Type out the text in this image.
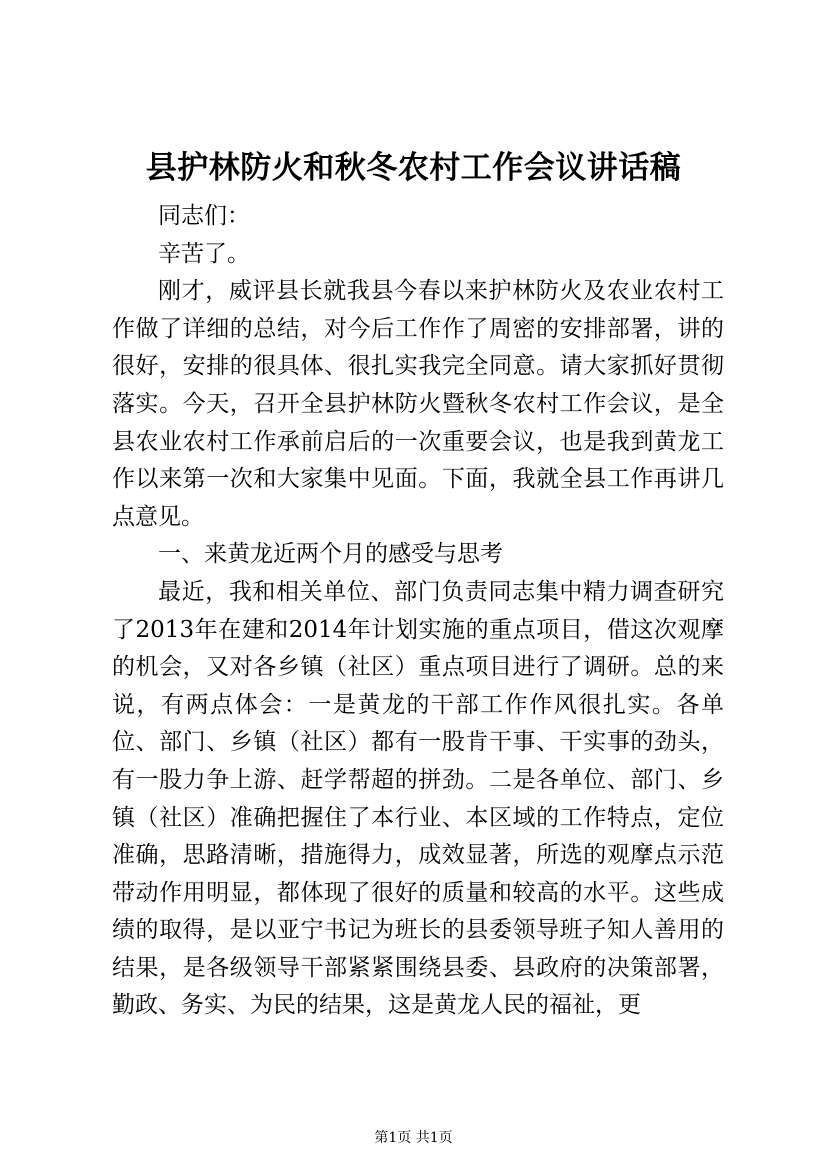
县护林防火和秋冬农村工作会议讲话稿

同志们：

辛苦了。

刚才，威评县长就我县今春以来护林防火及农业农村工作做了详细的总结，对今后工作作了周密的安排部署，讲的很好，安排的很具体、很扎实我完全同意。请大家抓好贯彻落实。今天，召开全县护林防火暨秋冬农村工作会议，是全县农业农村工作承前启后的一次重要会议，也是我到黄龙工作以来第一次和大家集中见面。下面，我就全县工作再讲几点意见。

一、来黄龙近两个月的感受与思考

最近，我和相关单位、部门负责同志集中精力调查研究了2013年在建和2014年计划实施的重点项目，借这次观摩的机会，又对各乡镇（社区）重点项目进行了调研。总的来说，有两点体会：一是黄龙的干部工作作风很扎实。各单位、部门、乡镇（社区）都有一股肯干事、干实事的劲头，有一股力争上游、赶学帮超的拼劲。二是各单位、部门、乡镇（社区）准确把握住了本行业、本区域的工作特点，定位准确，思路清晰，措施得力，成效显著，所选的观摩点示范带动作用明显，都体现了很好的质量和较高的水平。这些成绩的取得，是以亚宁书记为班长的县委领导班子知人善用的结果，是各级领导干部紧紧围绕县委、县政府的决策部署，勤政、务实、为民的结果，这是黄龙人民的福祉，更

第1页 共1页
